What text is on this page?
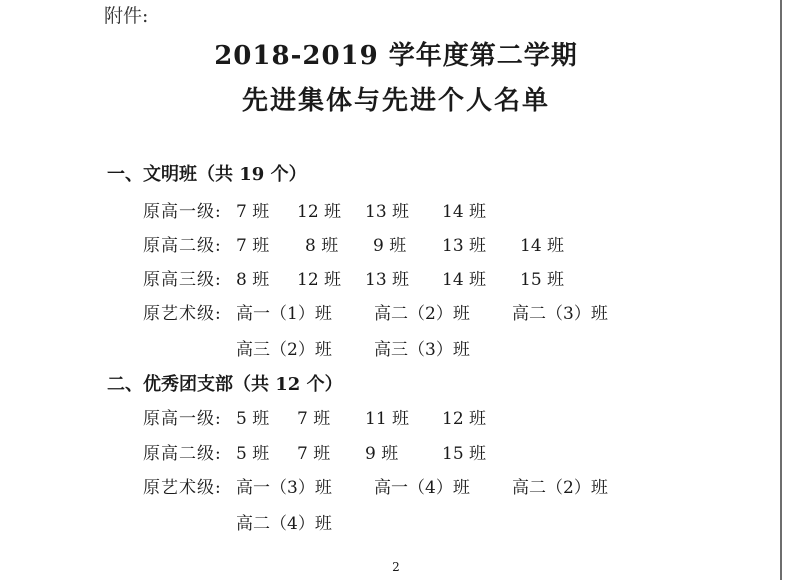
附件:
2018-2019 学年度第二学期
先进集体与先进个人名单
一、文明班（共 19 个）
原高一级: 7 班 12 班 13 班 14 班
原高二级: 7 班 8 班 9 班 13 班 14 班
原高三级: 8 班 12 班 13 班 14 班 15 班
原艺术级: 高一（1）班 高二（2）班 高二（3）班
高三（2）班 高三（3）班
二、优秀团支部（共 12 个）
原高一级: 5 班 7 班 11 班 12 班
原高二级: 5 班 7 班 9 班	15 班
原艺术级: 高一（3）班 高一（4）班 高二（2）班
高二（4）班
2
